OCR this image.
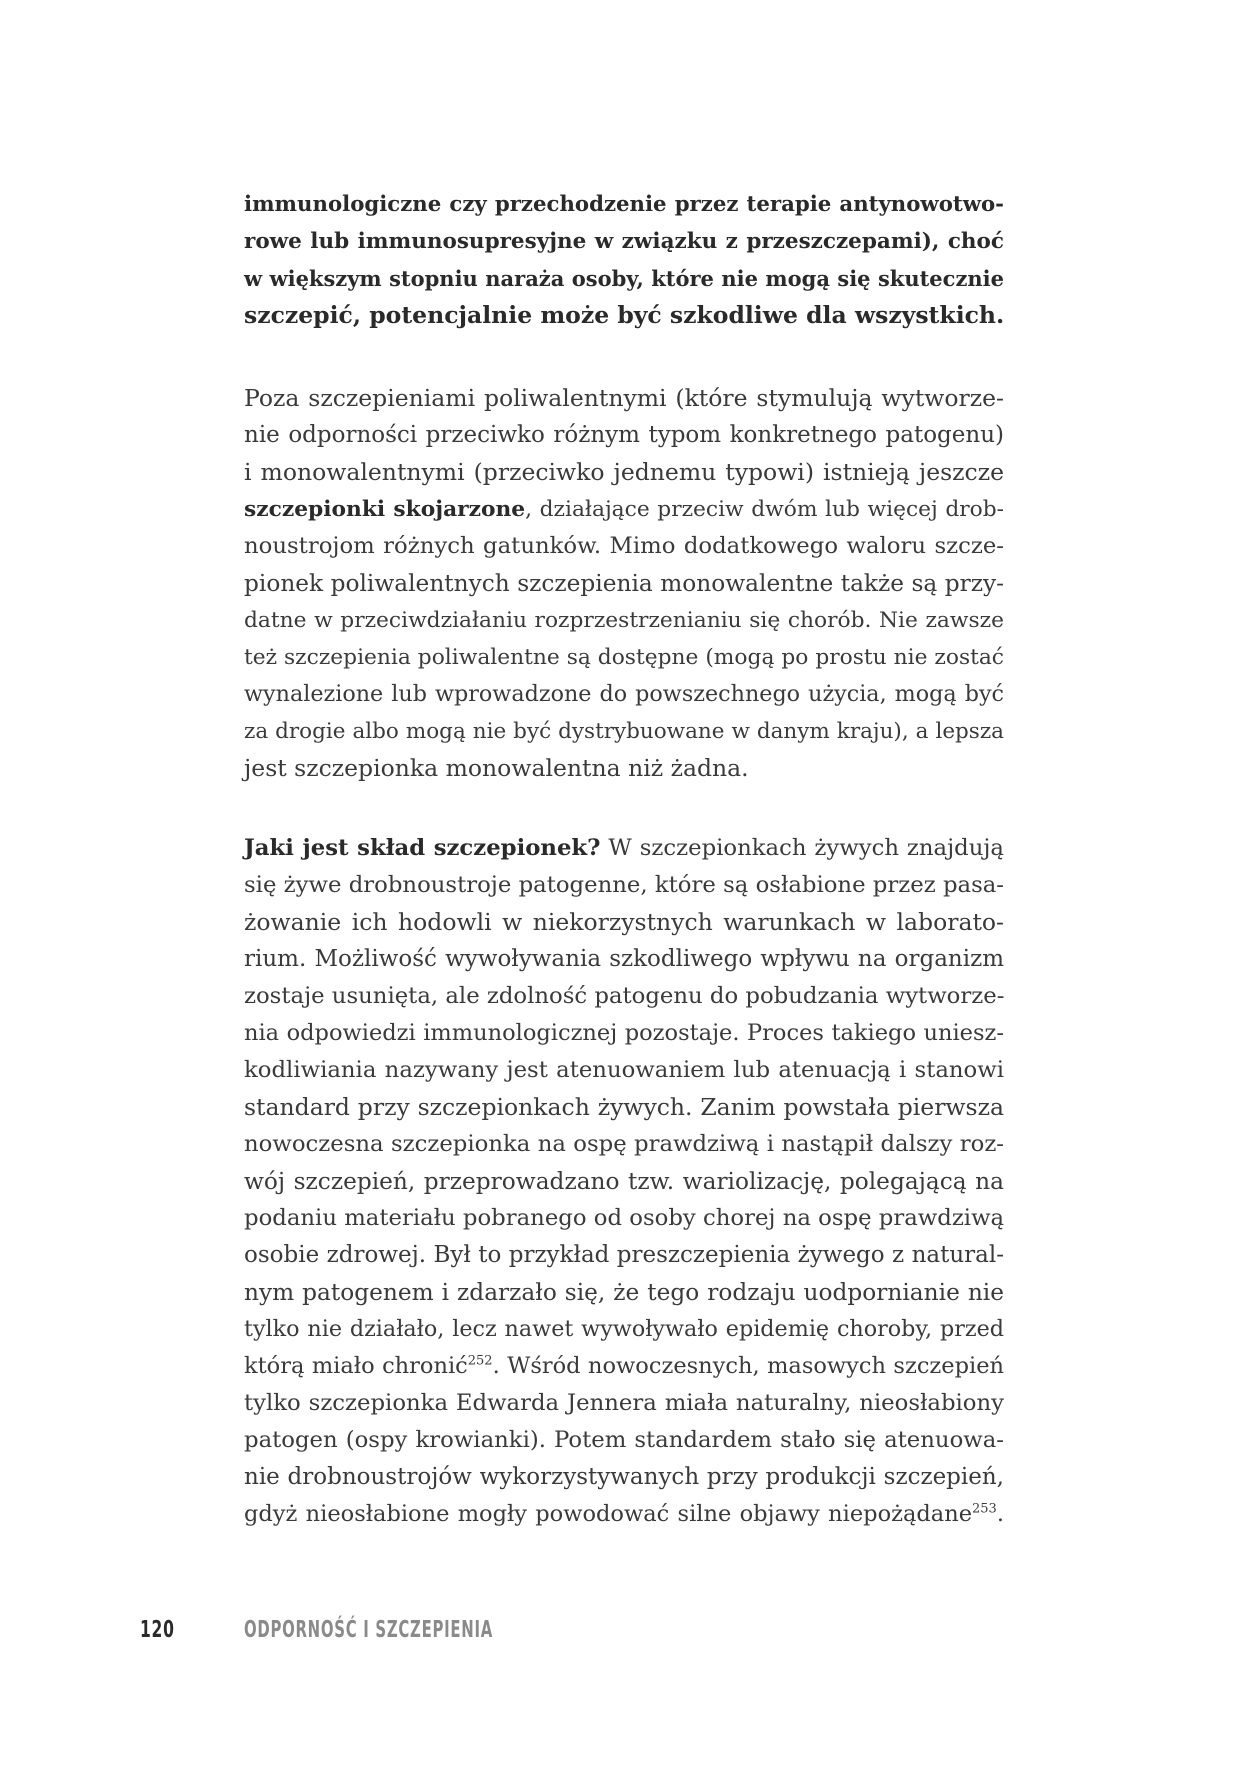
immunologiczne czy przechodzenie przez terapie antynowotwo-
rowe lub immunosupresyjne w związku z przeszczepami), choć
w większym stopniu naraża osoby, które nie mogą się skutecznie
szczepić, potencjalnie może być szkodliwe dla wszystkich.
Poza szczepieniami poliwalentnymi (które stymulują wytworze-
nie odporności przeciwko różnym typom konkretnego patogenu)
i monowalentnymi (przeciwko jednemu typowi) istnieją jeszcze
szczepionki skojarzone, działające przeciw dwóm lub więcej drob-
noustrojom różnych gatunków. Mimo dodatkowego waloru szcze-
pionek poliwalentnych szczepienia monowalentne także są przy-
datne w przeciwdziałaniu rozprzestrzenianiu się chorób. Nie zawsze
też szczepienia poliwalentne są dostępne (mogą po prostu nie zostać
wynalezione lub wprowadzone do powszechnego użycia, mogą być
za drogie albo mogą nie być dystrybuowane w danym kraju), a lepsza
jest szczepionka monowalentna niż żadna.
Jaki jest skład szczepionek? W szczepionkach żywych znajdują
się żywe drobnoustroje patogenne, które są osłabione przez pasa-
żowanie ich hodowli w niekorzystnych warunkach w laborato-
rium. Możliwość wywoływania szkodliwego wpływu na organizm
zostaje usunięta, ale zdolność patogenu do pobudzania wytworze-
nia odpowiedzi immunologicznej pozostaje. Proces takiego uniesz-
kodliwiania nazywany jest atenuowaniem lub atenuacją i stanowi
standard przy szczepionkach żywych. Zanim powstała pierwsza
nowoczesna szczepionka na ospę prawdziwą i nastąpił dalszy roz-
wój szczepień, przeprowadzano tzw. wariolizację, polegającą na
podaniu materiału pobranego od osoby chorej na ospę prawdziwą
osobie zdrowej. Był to przykład preszczepienia żywego z natural-
nym patogenem i zdarzało się, że tego rodzaju uodpornianie nie
tylko nie działało, lecz nawet wywoływało epidemię choroby, przed
którą miało chronić$^{252}$. Wśród nowoczesnych, masowych szczepień
tylko szczepionka Edwarda Jennera miała naturalny, nieosłabiony
patogen (ospy krowianki). Potem standardem stało się atenuowa-
nie drobnoustrojów wykorzystywanych przy produkcji szczepień,
gdyż nieosłabione mogły powodować silne objawy niepożądane$^{253}$.
120	ODPORNOŚĆ I SZCZEPIENIA
